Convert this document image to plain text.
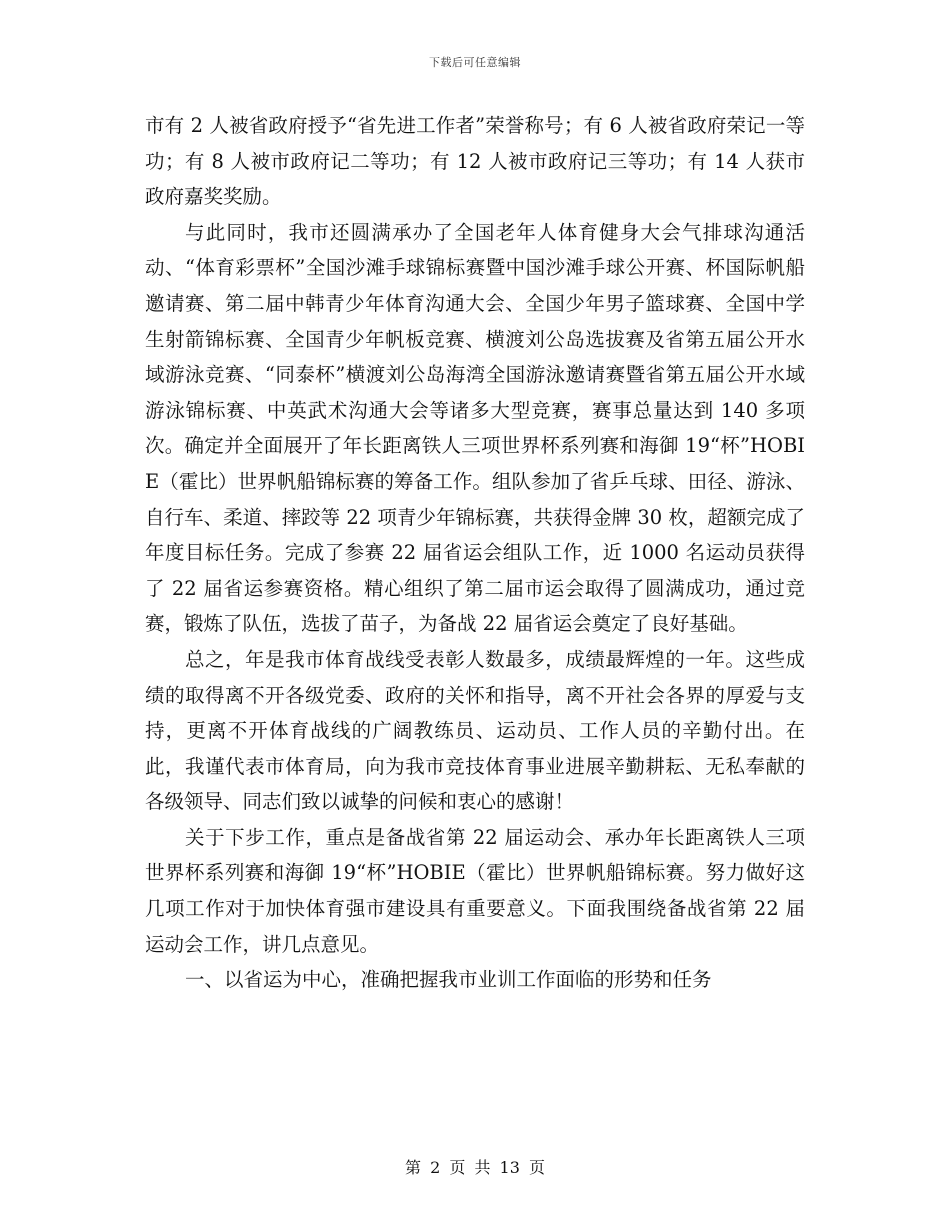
下载后可任意编辑

市有 2 人被省政府授予“省先进工作者”荣誉称号；有 6 人被省政府荣记一等功；有 8 人被市政府记二等功；有 12 人被市政府记三等功；有 14 人获市政府嘉奖奖励。

与此同时，我市还圆满承办了全国老年人体育健身大会气排球沟通活动、“体育彩票杯”全国沙滩手球锦标赛暨中国沙滩手球公开赛、杯国际帆船邀请赛、第二届中韩青少年体育沟通大会、全国少年男子篮球赛、全国中学生射箭锦标赛、全国青少年帆板竞赛、横渡刘公岛选拔赛及省第五届公开水域游泳竞赛、“同泰杯”横渡刘公岛海湾全国游泳邀请赛暨省第五届公开水域游泳锦标赛、中英武术沟通大会等诸多大型竞赛，赛事总量达到 140 多项次。确定并全面展开了年长距离铁人三项世界杯系列赛和海御 19“杯”HOBIE（霍比）世界帆船锦标赛的筹备工作。组队参加了省乒乓球、田径、游泳、自行车、柔道、摔跤等 22 项青少年锦标赛，共获得金牌 30 枚，超额完成了年度目标任务。完成了参赛 22 届省运会组队工作，近 1000 名运动员获得了 22 届省运参赛资格。精心组织了第二届市运会取得了圆满成功，通过竞赛，锻炼了队伍，选拔了苗子，为备战 22 届省运会奠定了良好基础。

总之，年是我市体育战线受表彰人数最多，成绩最辉煌的一年。这些成绩的取得离不开各级党委、政府的关怀和指导，离不开社会各界的厚爱与支持，更离不开体育战线的广阔教练员、运动员、工作人员的辛勤付出。在此，我谨代表市体育局，向为我市竞技体育事业进展辛勤耕耘、无私奉献的各级领导、同志们致以诚挚的问候和衷心的感谢！

关于下步工作，重点是备战省第 22 届运动会、承办年长距离铁人三项世界杯系列赛和海御 19“杯”HOBIE（霍比）世界帆船锦标赛。努力做好这几项工作对于加快体育强市建设具有重要意义。下面我围绕备战省第 22 届运动会工作，讲几点意见。

一、以省运为中心，准确把握我市业训工作面临的形势和任务

第 2 页 共 13 页
